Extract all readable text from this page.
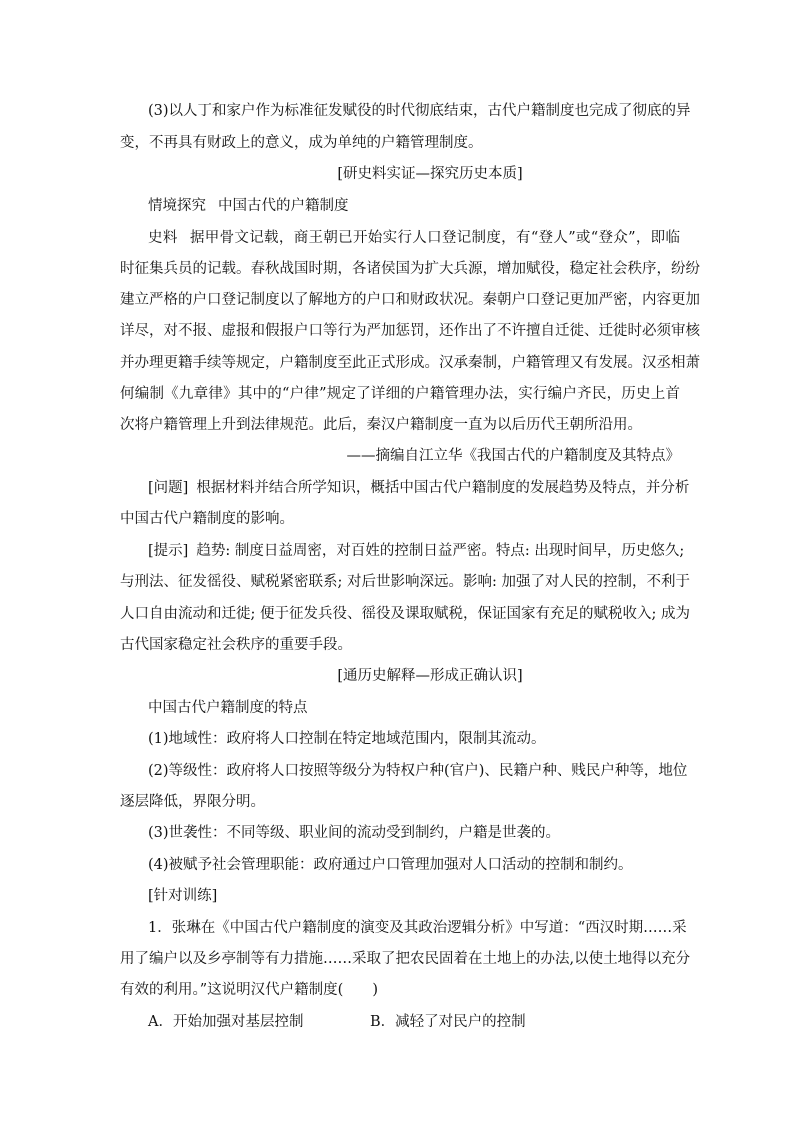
(3)以人丁和家户作为标准征发赋役的时代彻底结束，古代户籍制度也完成了彻底的异
变，不再具有财政上的意义，成为单纯的户籍管理制度。
[研史料实证—探究历史本质]
情境探究 中国古代的户籍制度
史料 据甲骨文记载，商王朝已开始实行人口登记制度，有“登人”或“登众”，即临
时征集兵员的记载。春秋战国时期，各诸侯国为扩大兵源，增加赋役，稳定社会秩序，纷纷
建立严格的户口登记制度以了解地方的户口和财政状况。秦朝户口登记更加严密，内容更加
详尽，对不报、虚报和假报户口等行为严加惩罚，还作出了不许擅自迁徙、迁徙时必须审核
并办理更籍手续等规定，户籍制度至此正式形成。汉承秦制，户籍管理又有发展。汉丞相萧
何编制《九章律》其中的“户律”规定了详细的户籍管理办法，实行编户齐民，历史上首
次将户籍管理上升到法律规范。此后，秦汉户籍制度一直为以后历代王朝所沿用。
——摘编自江立华《我国古代的户籍制度及其特点》
[问题] 根据材料并结合所学知识，概括中国古代户籍制度的发展趋势及特点，并分析
中国古代户籍制度的影响。
[提示] 趋势: 制度日益周密，对百姓的控制日益严密。特点: 出现时间早，历史悠久;
与刑法、征发徭役、赋税紧密联系; 对后世影响深远。影响: 加强了对人民的控制，不利于
人口自由流动和迁徙; 便于征发兵役、徭役及课取赋税，保证国家有充足的赋税收入; 成为
古代国家稳定社会秩序的重要手段。
[通历史解释—形成正确认识]
中国古代户籍制度的特点
(1)地域性：政府将人口控制在特定地域范围内，限制其流动。
(2)等级性：政府将人口按照等级分为特权户种(官户)、民籍户种、贱民户种等，地位
逐层降低，界限分明。
(3)世袭性：不同等级、职业间的流动受到制约，户籍是世袭的。
(4)被赋予社会管理职能：政府通过户口管理加强对人口活动的控制和制约。
[针对训练]
1．张琳在《中国古代户籍制度的演变及其政治逻辑分析》中写道：“西汉时期……采
用了编户以及乡亭制等有力措施……采取了把农民固着在土地上的办法,以使土地得以充分
有效的利用。”这说明汉代户籍制度(　　)
A．开始加强对基层控制	B．减轻了对民户的控制
